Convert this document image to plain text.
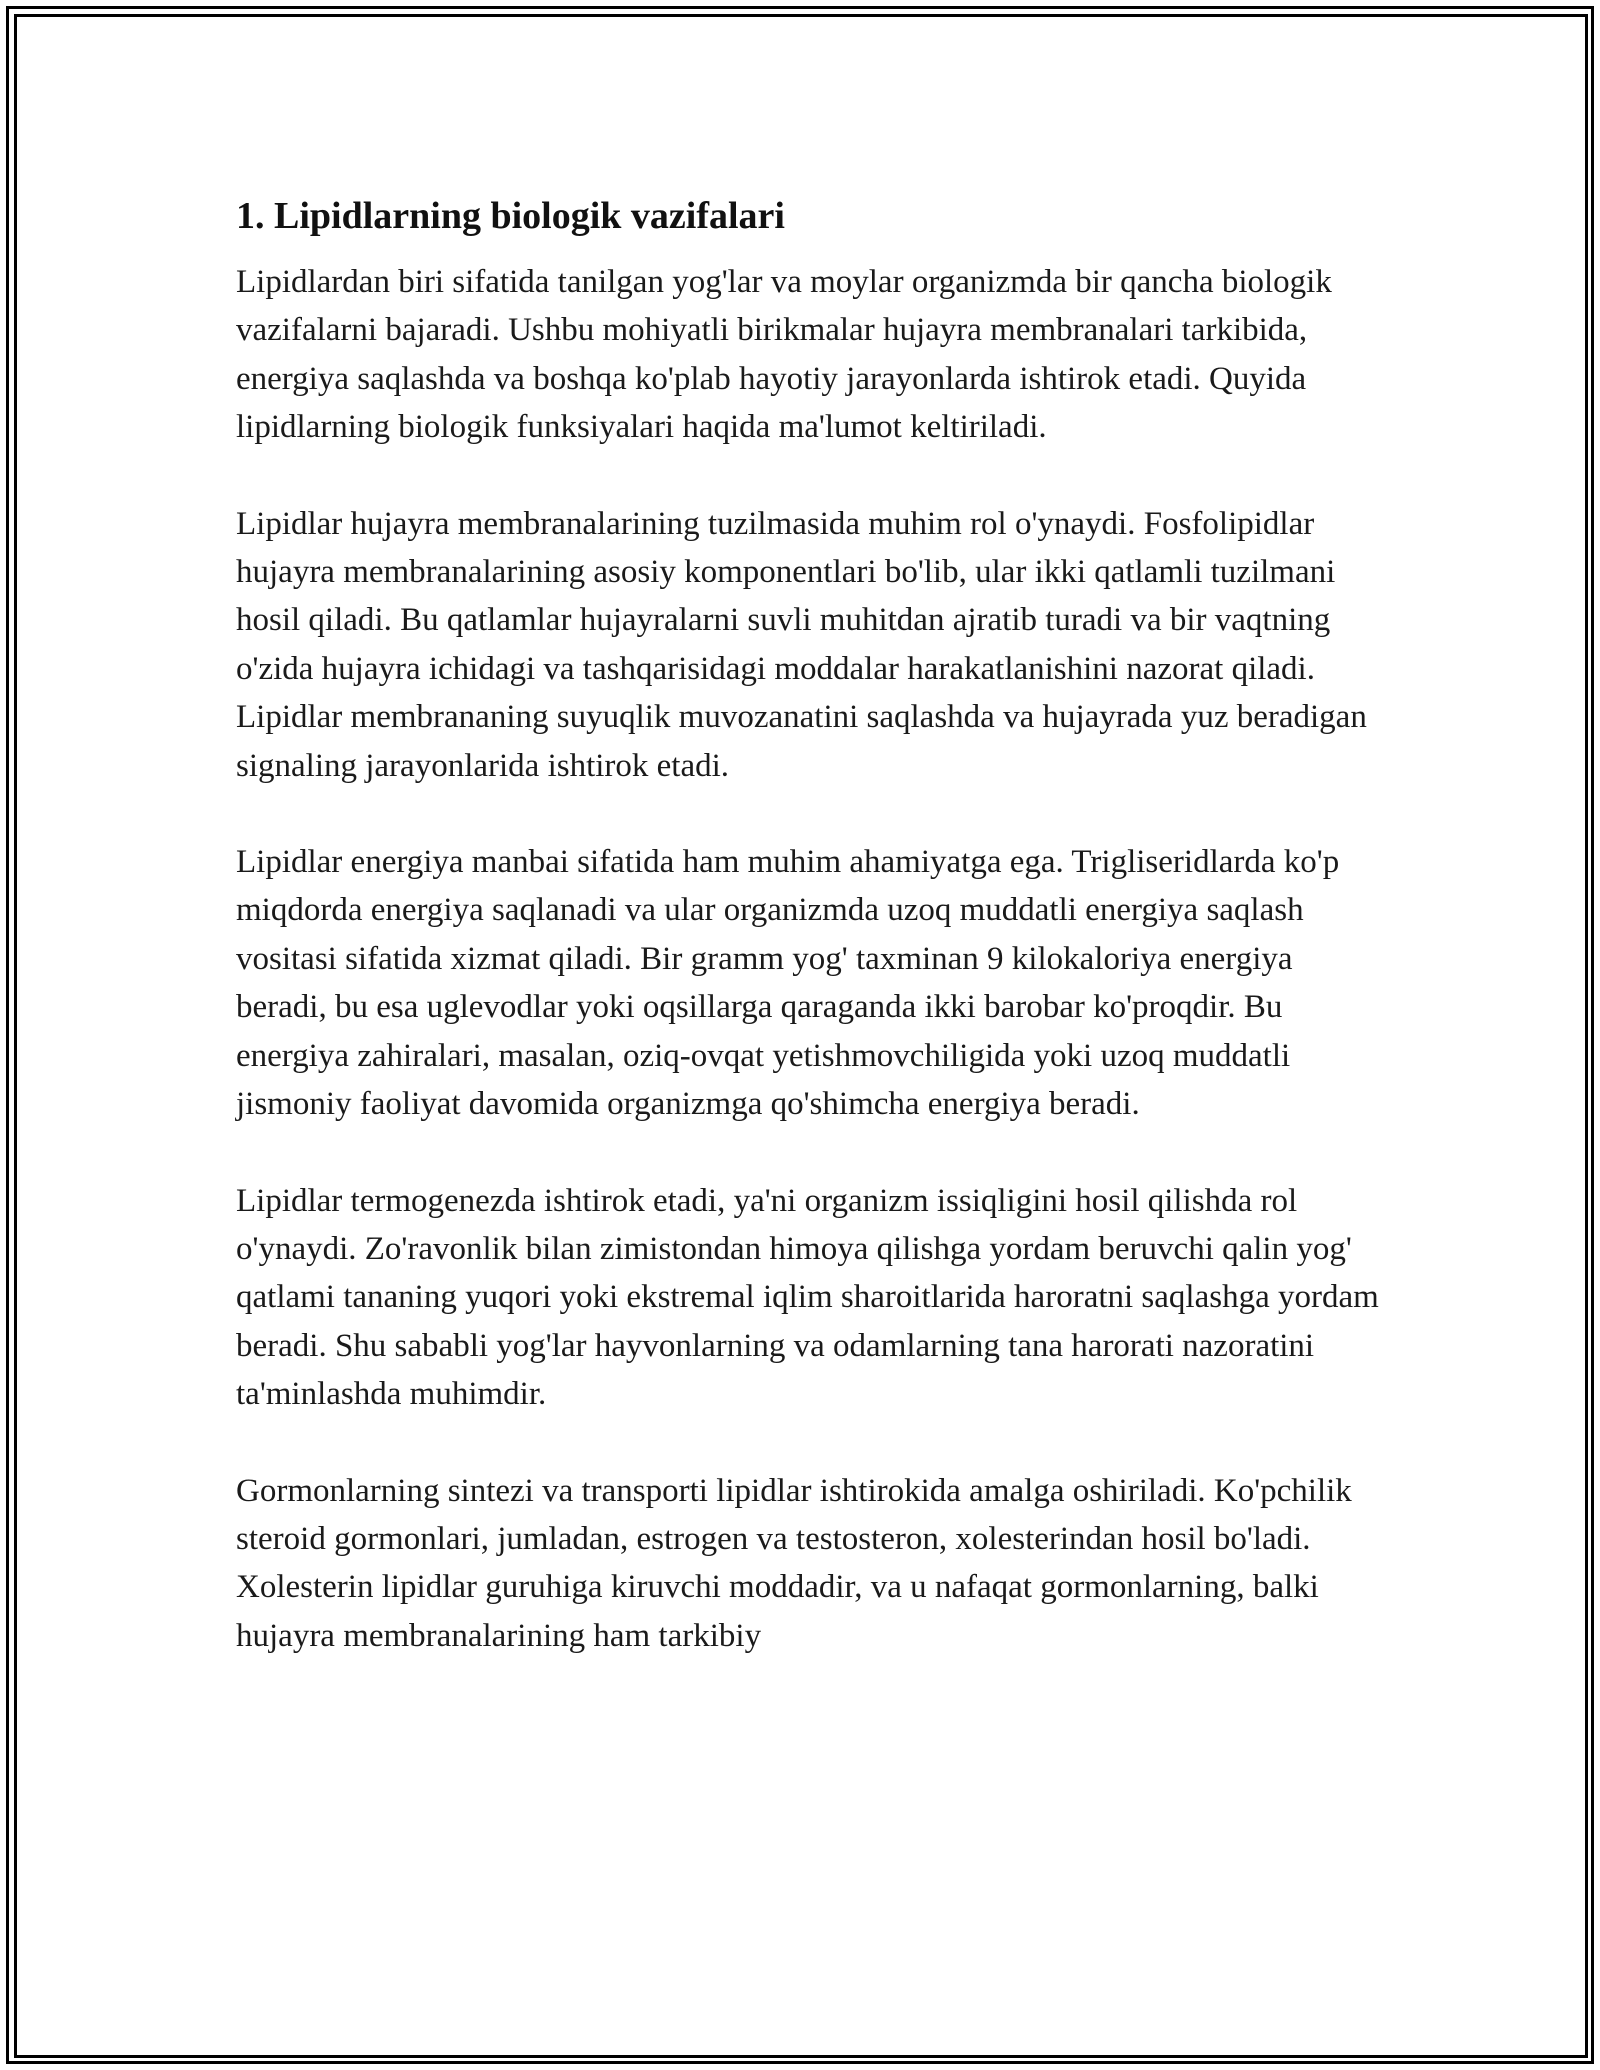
1. Lipidlarning biologik vazifalari

Lipidlardan biri sifatida tanilgan yog'lar va moylar organizmda bir qancha biologik vazifalarni bajaradi. Ushbu mohiyatli birikmalar hujayra membranalari tarkibida, energiya saqlashda va boshqa ko'plab hayotiy jarayonlarda ishtirok etadi. Quyida lipidlarning biologik funksiyalari haqida ma'lumot keltiriladi.

Lipidlar hujayra membranalarining tuzilmasida muhim rol o'ynaydi. Fosfolipidlar hujayra membranalarining asosiy komponentlari bo'lib, ular ikki qatlamli tuzilmani hosil qiladi. Bu qatlamlar hujayralarni suvli muhitdan ajratib turadi va bir vaqtning o'zida hujayra ichidagi va tashqarisidagi moddalar harakatlanishini nazorat qiladi. Lipidlar membrananing suyuqlik muvozanatini saqlashda va hujayrada yuz beradigan signaling jarayonlarida ishtirok etadi.

Lipidlar energiya manbai sifatida ham muhim ahamiyatga ega. Trigliseridlarda ko'p miqdorda energiya saqlanadi va ular organizmda uzoq muddatli energiya saqlash vositasi sifatida xizmat qiladi. Bir gramm yog' taxminan 9 kilokaloriya energiya beradi, bu esa uglevodlar yoki oqsillarga qaraganda ikki barobar ko'proqdir. Bu energiya zahiralari, masalan, oziq-ovqat yetishmovchiligida yoki uzoq muddatli jismoniy faoliyat davomida organizmga qo'shimcha energiya beradi.

Lipidlar termogenezda ishtirok etadi, ya'ni organizm issiqligini hosil qilishda rol o'ynaydi. Zo'ravonlik bilan zimistondan himoya qilishga yordam beruvchi qalin yog' qatlami tananing yuqori yoki ekstremal iqlim sharoitlarida haroratni saqlashga yordam beradi. Shu sababli yog'lar hayvonlarning va odamlarning tana harorati nazoratini ta'minlashda muhimdir.

Gormonlarning sintezi va transporti lipidlar ishtirokida amalga oshiriladi. Ko'pchilik steroid gormonlari, jumladan, estrogen va testosteron, xolesterindan hosil bo'ladi. Xolesterin lipidlar guruhiga kiruvchi moddadir, va u nafaqat gormonlarning, balki hujayra membranalarining ham tarkibiy
